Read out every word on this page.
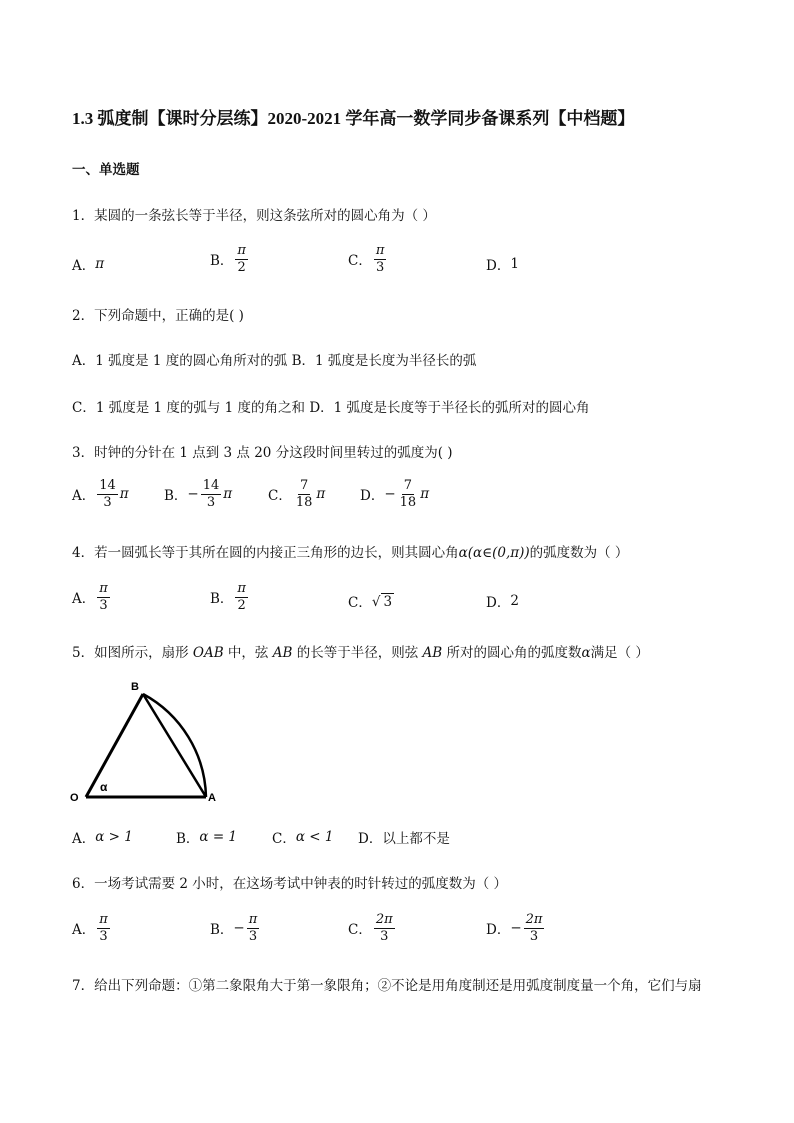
1.3 弧度制【课时分层练】2020-2021 学年高一数学同步备课系列【中档题】
一、单选题
1．某圆的一条弦长等于半径，则这条弦所对的圆心角为（ ）
A． π	B． $\frac{\pi}{2}$	C． $\frac{\pi}{3}$	D． 1
2．下列命题中，正确的是( )
A．1 弧度是 1 度的圆心角所对的弧 B．1 弧度是长度为半径长的弧
C．1 弧度是 1 度的弧与 1 度的角之和 D．1 弧度是长度等于半径长的弧所对的圆心角
3．时钟的分针在 1 点到 3 点 20 分这段时间里转过的弧度为( )
A． $\frac{14}{3}$ π	B． − $\frac{14}{3}$ π	C． $\frac{7}{18}$ π	D． − $\frac{7}{18}$ π
4．若一圆弧长等于其所在圆的内接正三角形的边长，则其圆心角α(α∈(0,π))的弧度数为（ ）
A． $\frac{\pi}{3}$	B． $\frac{\pi}{2}$	C． √ 3	D． 2
5．如图所示，扇形 OAB 中，弦 AB 的长等于半径，则弦 AB 所对的圆心角的弧度数α满足（ ）
O	A
B
α
A． α > 1	B． α = 1	C． α < 1 D． 以上都不是
6．一场考试需要 2 小时，在这场考试中钟表的时针转过的弧度数为（ ）
A． $\frac{\pi}{3}$	B． − $\frac{\pi}{3}$	C． $\frac{2\pi}{3}$	D． − $\frac{2\pi}{3}$
7．给出下列命题：①第二象限角大于第一象限角；②不论是用角度制还是用弧度制度量一个角，它们与扇
